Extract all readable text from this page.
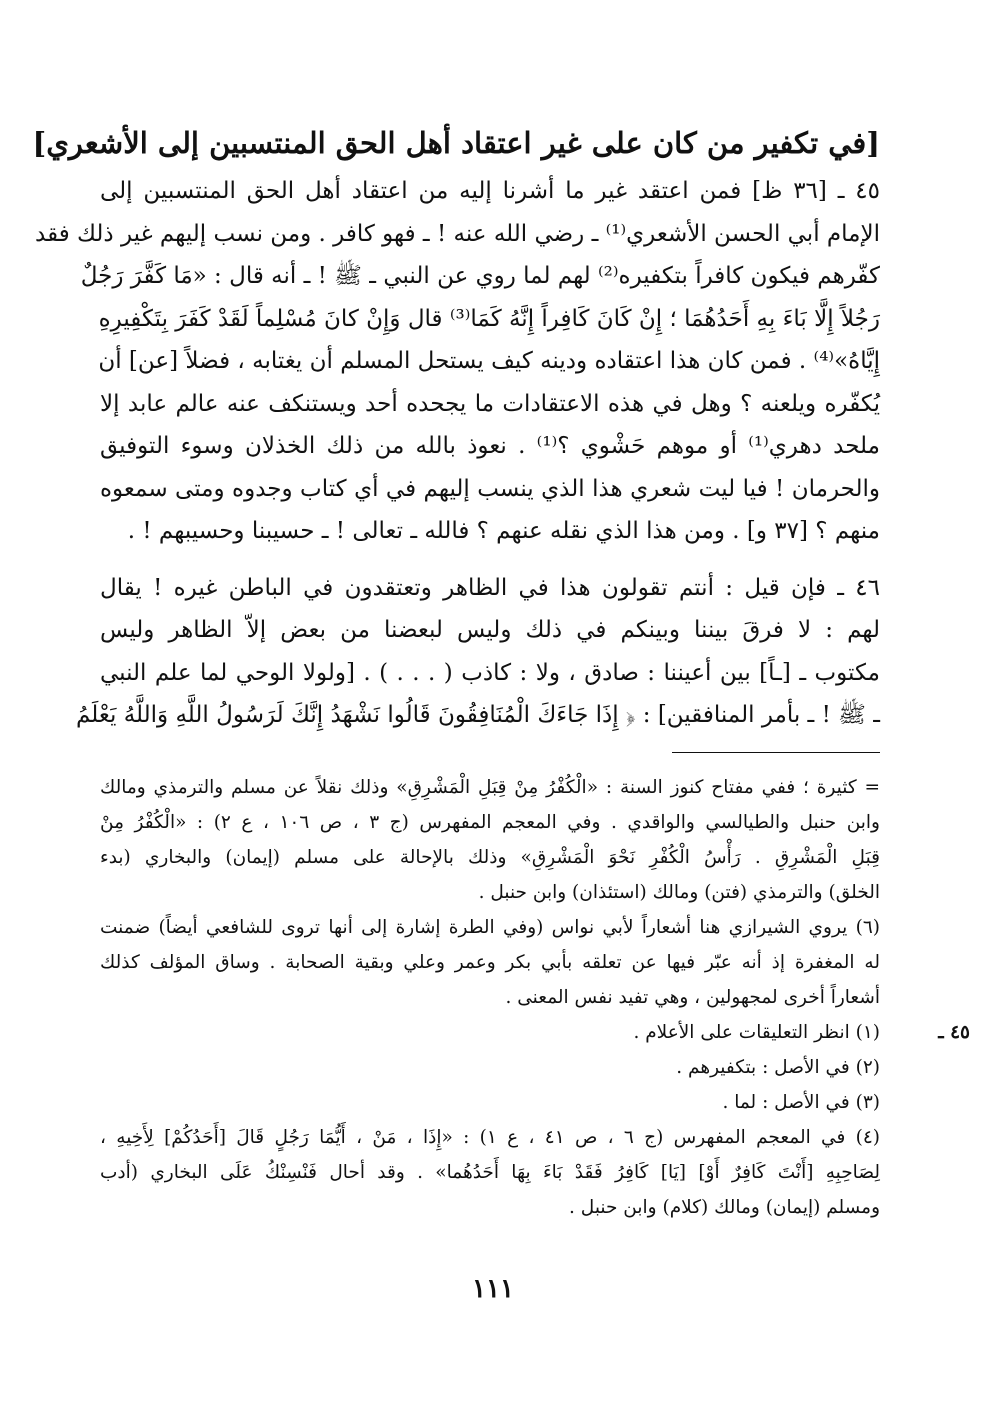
[في تكفير من كان على غير اعتقاد أهل الحق المنتسبين إلى الأشعري]
٤٥ ـ [٣٦ ظ] فمن اعتقد غير ما أشرنا إليه من اعتقاد أهل الحق المنتسبين إلى
الإمام أبي الحسن الأشعري⁽¹⁾ ـ رضي الله عنه ! ـ فهو كافر . ومن نسب إليهم غير ذلك فقد
كفّرهم فيكون كافراً بتكفيره⁽²⁾ لهم لما روي عن النبي ـ ﷺ ! ـ أنه قال : «مَا كَفَّرَ رَجُلٌ
رَجُلاً إِلَّا بَاءَ بِهِ أَحَدُهُمَا ؛ إِنْ كَانَ كَافِراً إِنَّهُ كَمَا⁽³⁾ قال وَإِنْ كانَ مُسْلِماً لَقَدْ كَفَرَ بِتَكْفِيرِهِ
إِيَّاهُ»⁽⁴⁾ . فمن كان هذا اعتقاده ودينه كيف يستحل المسلم أن يغتابه ، فضلاً [عن] أن
يُكفّره ويلعنه ؟ وهل في هذه الاعتقادات ما يجحده أحد ويستنكف عنه عالم عابد إلا
ملحد دهري⁽¹⁾ أو موهم حَشْوي ؟⁽¹⁾ . نعوذ بالله من ذلك الخذلان وسوء التوفيق
والحرمان ! فيا ليت شعري هذا الذي ينسب إليهم في أي كتاب وجدوه ومتى سمعوه
منهم ؟ [٣٧ و] . ومن هذا الذي نقله عنهم ؟ فالله ـ تعالى ! ـ حسيبنا وحسيبهم ! .
٤٦ ـ فإن قيل : أنتم تقولون هذا في الظاهر وتعتقدون في الباطن غيره ! يقال
لهم : لا فرقَ بيننا وبينكم في ذلك وليس لبعضنا من بعض إلاّ الظاهر وليس
مكتوب ـ [ـاً] بين أعيننا : صادق ، ولا : كاذب ( . . . ) . [ولولا الوحي لما علم النبي
ـ ﷺ ! ـ بأمر المنافقين] : ﴿ إِذَا جَاءَكَ الْمُنَافِقُونَ قَالُوا نَشْهَدُ إِنَّكَ لَرَسُولُ اللَّهِ وَاللَّهُ يَعْلَمُ
= كثيرة ؛ ففي مفتاح كنوز السنة : «الْكُفْرُ مِنْ قِبَلِ الْمَشْرِقِ» وذلك نقلاً عن مسلم والترمذي ومالك
وابن حنبل والطيالسي والواقدي . وفي المعجم المفهرس (ج ٣ ، ص ١٠٦ ، ع ٢) : «الْكُفْرُ مِنْ
قِبَلِ الْمَشْرِقِ . رَأْسُ الْكُفْرِ نَحْوَ الْمَشْرِقِ» وذلك بالإحالة على مسلم (إيمان) والبخاري (بدء
الخلق) والترمذي (فتن) ومالك (استئذان) وابن حنبل .
(٦) يروي الشيرازي هنا أشعاراً لأبي نواس (وفي الطرة إشارة إلى أنها تروى للشافعي أيضاً) ضمنت
له المغفرة إذ أنه عبّر فيها عن تعلقه بأبي بكر وعمر وعلي وبقية الصحابة . وساق المؤلف كذلك
أشعاراً أخرى لمجهولين ، وهي تفيد نفس المعنى .
(١) انظر التعليقات على الأعلام .
(٢) في الأصل : بتكفيرهم .
(٣) في الأصل : لما .
(٤) في المعجم المفهرس (ج ٦ ، ص ٤١ ، ع ١) : «إِذَا ، مَنْ ، أَيُّمَا رَجُلٍ قَالَ [أَحَدُكُمْ] لِأَخِيهِ ،
لِصَاحِبِهِ [أَنْتَ كَافِرٌ أَوْ] [يَا] كَافِرُ فَقَدْ بَاءَ بِهَا أَحَدُهُما» . وقد أحال فَنْسِنْكُ عَلَى البخاري (أدب
ومسلم (إيمان) ومالك (كلام) وابن حنبل .
٤٥ ـ
١١١
